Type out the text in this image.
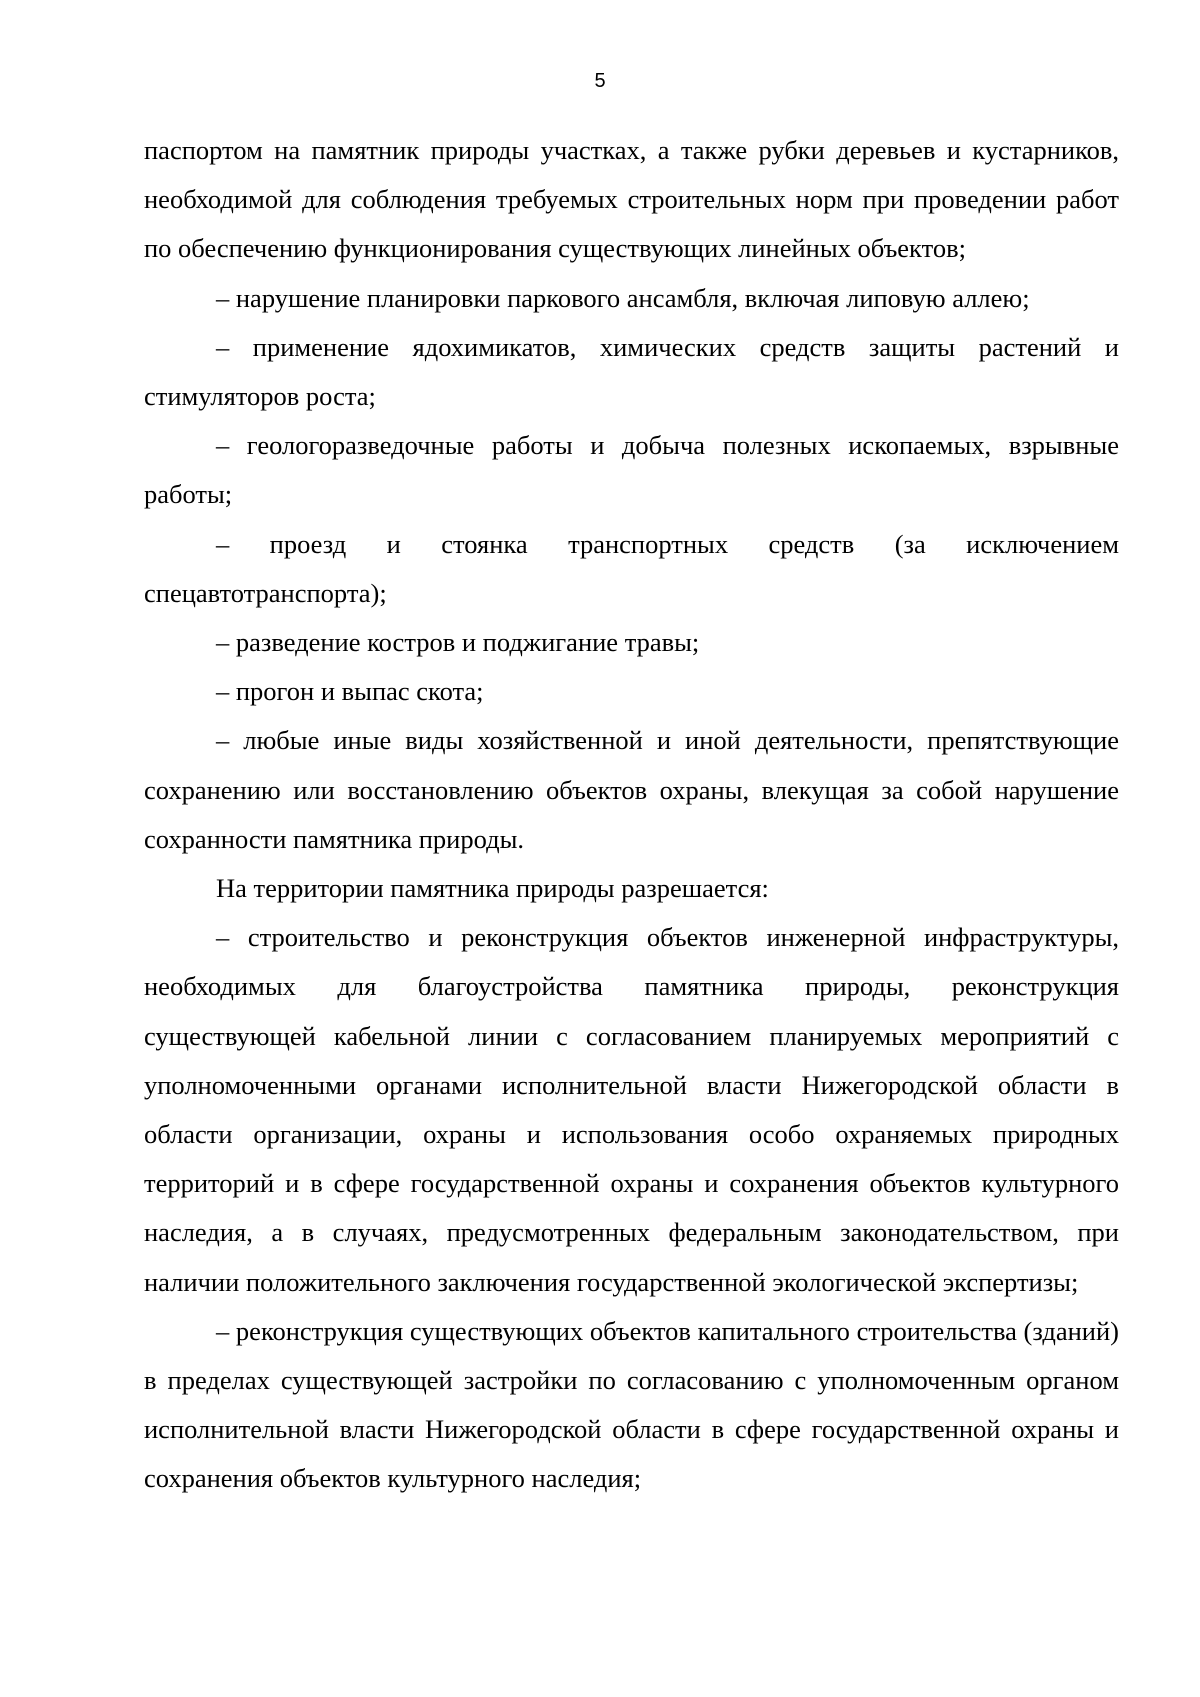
5

паспортом на памятник природы участках, а также рубки деревьев и кустарников, необходимой для соблюдения требуемых строительных норм при проведении работ по обеспечению функционирования существующих линейных объектов;

– нарушение планировки паркового ансамбля, включая липовую аллею;

– применение ядохимикатов, химических средств защиты растений и стимуляторов роста;

– геологоразведочные работы и добыча полезных ископаемых, взрывные работы;

– проезд и стоянка транспортных средств (за исключением спецавтотранспорта);

– разведение костров и поджигание травы;

– прогон и выпас скота;

– любые иные виды хозяйственной и иной деятельности, препятствующие сохранению или восстановлению объектов охраны, влекущая за собой нарушение сохранности памятника природы.

На территории памятника природы разрешается:

– строительство и реконструкция объектов инженерной инфраструктуры, необходимых для благоустройства памятника природы, реконструкция существующей кабельной линии с согласованием планируемых мероприятий с уполномоченными органами исполнительной власти Нижегородской области в области организации, охраны и использования особо охраняемых природных территорий и в сфере государственной охраны и сохранения объектов культурного наследия, а в случаях, предусмотренных федеральным законодательством, при наличии положительного заключения государственной экологической экспертизы;

– реконструкция существующих объектов капитального строительства (зданий) в пределах существующей застройки по согласованию с уполномоченным органом исполнительной власти Нижегородской области в сфере государственной охраны и сохранения объектов культурного наследия;
